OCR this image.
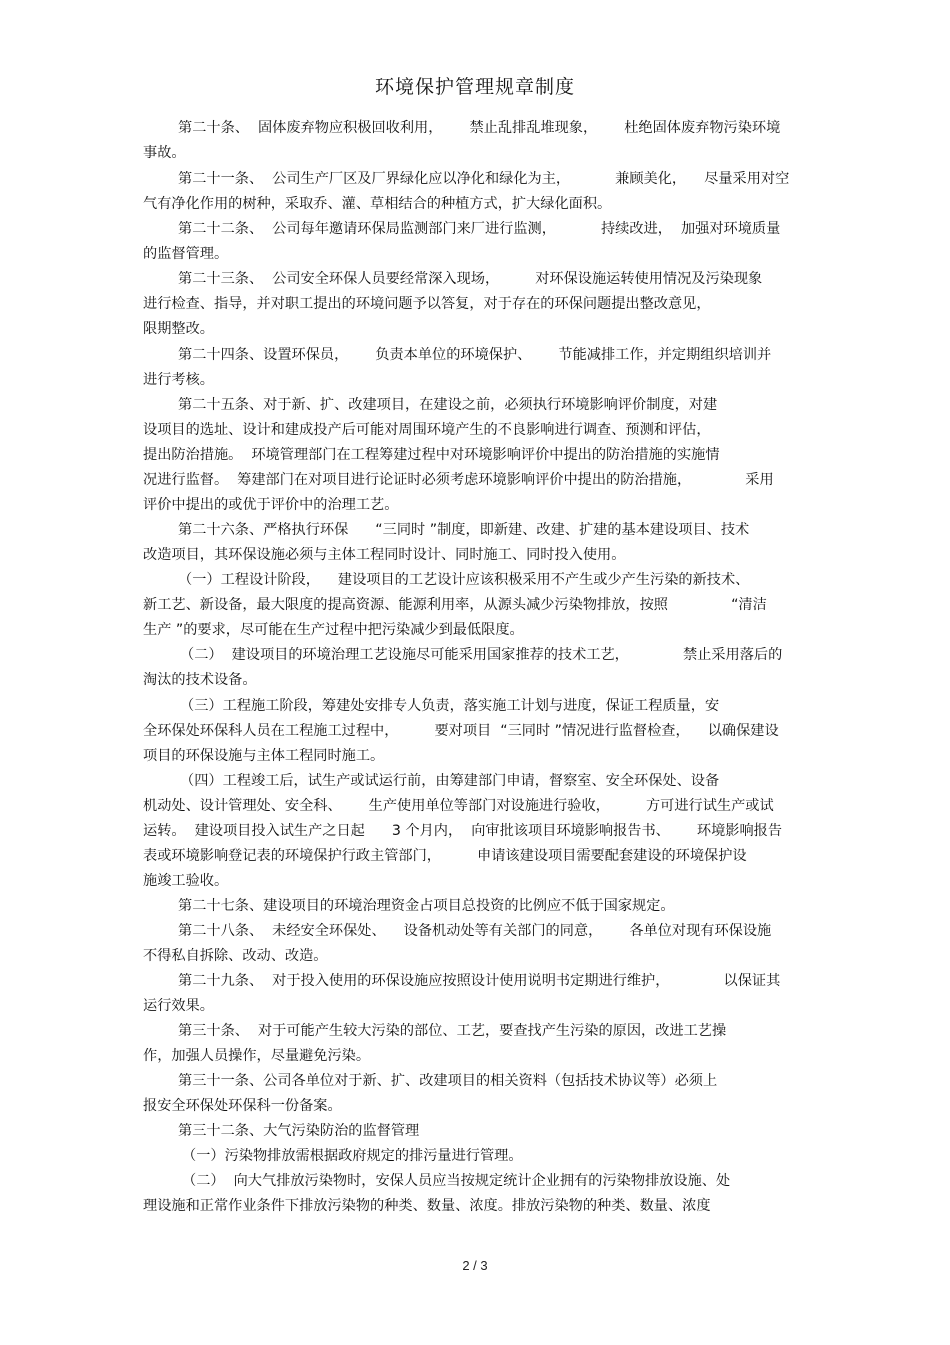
环境保护管理规章制度
第二十条、  固体废弃物应积极回收利用，      禁止乱排乱堆现象，      杜绝固体废弃物污染环境
事故。
第二十一条、  公司生产厂区及厂界绿化应以净化和绿化为主，          兼顾美化，    尽量采用对空
气有净化作用的树种，采取乔、灌、草相结合的种植方式，扩大绿化面积。
第二十二条、  公司每年邀请环保局监测部门来厂进行监测，          持续改进，  加强对环境质量
的监督管理。
第二十三条、  公司安全环保人员要经常深入现场，        对环保设施运转使用情况及污染现象
进行检查、指导，并对职工提出的环境问题予以答复，对于存在的环保问题提出整改意见，
限期整改。
第二十四条、设置环保员，      负责本单位的环境保护、      节能减排工作，并定期组织培训并
进行考核。
第二十五条、对于新、扩、改建项目，在建设之前，必须执行环境影响评价制度，对建
设项目的选址、设计和建成投产后可能对周围环境产生的不良影响进行调查、预测和评估，
提出防治措施。  环境管理部门在工程筹建过程中对环境影响评价中提出的防治措施的实施情
况进行监督。  筹建部门在对项目进行论证时必须考虑环境影响评价中提出的防治措施，            采用
评价中提出的或优于评价中的治理工艺。
第二十六条、严格执行环保      “三同时 ”制度，即新建、改建、扩建的基本建设项目、技术
改造项目，其环保设施必须与主体工程同时设计、同时施工、同时投入使用。
（一）工程设计阶段，    建设项目的工艺设计应该积极采用不产生或少产生污染的新技术、
新工艺、新设备，最大限度的提高资源、能源利用率，从源头减少污染物排放，按照              “清洁
生产 ”的要求，尽可能在生产过程中把污染减少到最低限度。
（二）  建设项目的环境治理工艺设施尽可能采用国家推荐的技术工艺，            禁止采用落后的
淘汰的技术设备。
（三）工程施工阶段，筹建处安排专人负责，落实施工计划与进度，保证工程质量，安
全环保处环保科人员在工程施工过程中，        要对项目  “三同时 ”情况进行监督检查，    以确保建设
项目的环保设施与主体工程同时施工。
（四）工程竣工后，试生产或试运行前，由筹建部门申请，督察室、安全环保处、设备
机动处、设计管理处、安全科、      生产使用单位等部门对设施进行验收，        方可进行试生产或试
运转。  建设项目投入试生产之日起      3 个月内，  向审批该项目环境影响报告书、      环境影响报告
表或环境影响登记表的环境保护行政主管部门，        申请该建设项目需要配套建设的环境保护设
施竣工验收。
第二十七条、建设项目的环境治理资金占项目总投资的比例应不低于国家规定。
第二十八条、  未经安全环保处、    设备机动处等有关部门的同意，      各单位对现有环保设施
不得私自拆除、改动、改造。
第二十九条、  对于投入使用的环保设施应按照设计使用说明书定期进行维护，            以保证其
运行效果。
第三十条、  对于可能产生较大污染的部位、工艺，要查找产生污染的原因，改进工艺操
作，加强人员操作，尽量避免污染。
第三十一条、公司各单位对于新、扩、改建项目的相关资料（包括技术协议等）必须上
报安全环保处环保科一份备案。
第三十二条、大气污染防治的监督管理
（一）污染物排放需根据政府规定的排污量进行管理。
（二）  向大气排放污染物时，安保人员应当按规定统计企业拥有的污染物排放设施、处
理设施和正常作业条件下排放污染物的种类、数量、浓度。排放污染物的种类、数量、浓度
2 / 3
